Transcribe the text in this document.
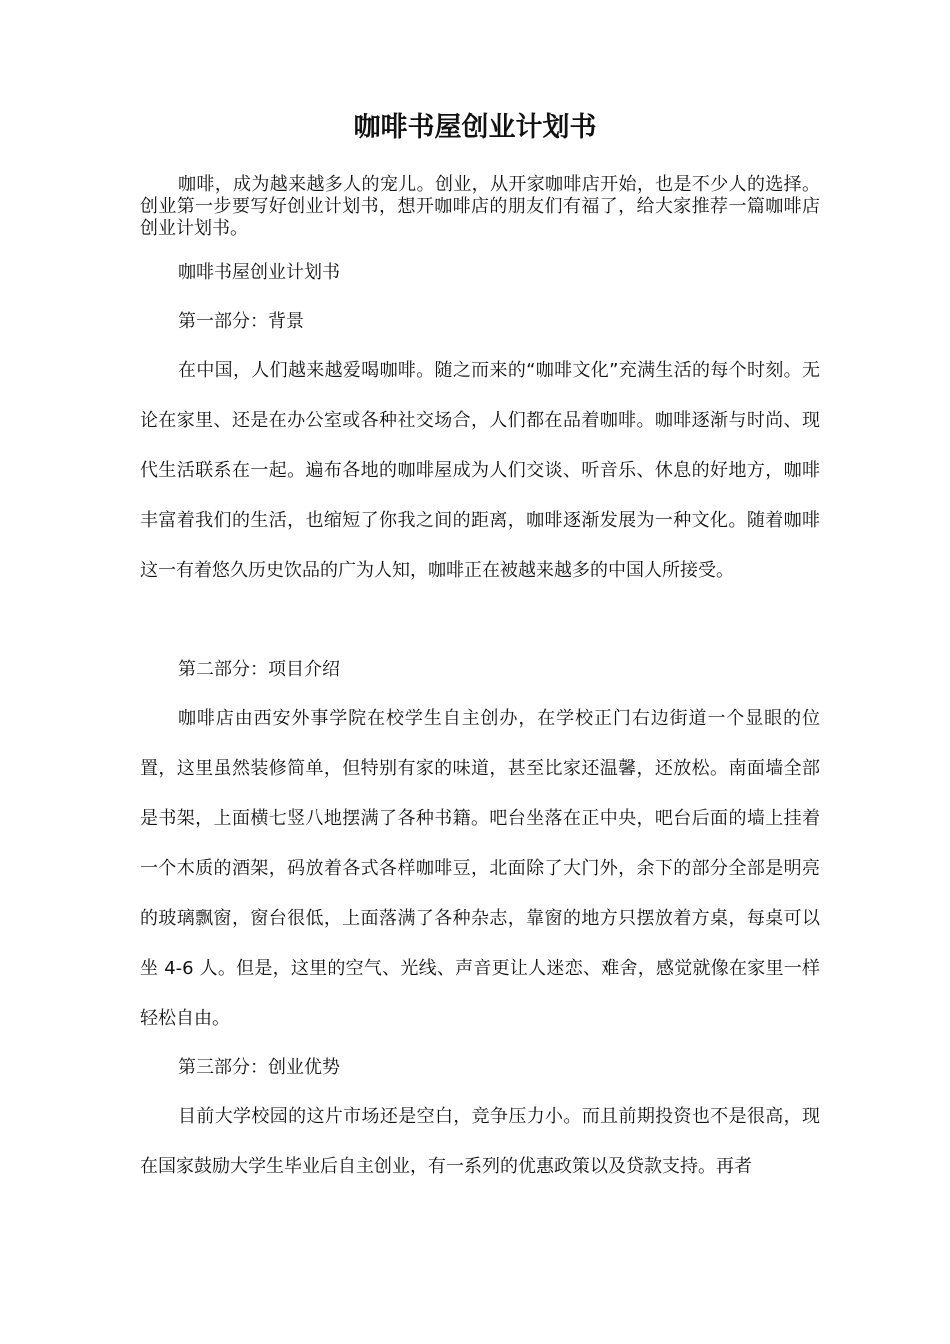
咖啡书屋创业计划书
咖啡，成为越来越多人的宠儿。创业，从开家咖啡店开始，也是不少人的选择。创业第一步要写好创业计划书，想开咖啡店的朋友们有福了，给大家推荐一篇咖啡店创业计划书。
咖啡书屋创业计划书
第一部分：背景

在中国，人们越来越爱喝咖啡。随之而来的“咖啡文化”充满生活的每个时刻。无论在家里、还是在办公室或各种社交场合，人们都在品着咖啡。咖啡逐渐与时尚、现代生活联系在一起。遍布各地的咖啡屋成为人们交谈、听音乐、休息的好地方，咖啡丰富着我们的生活，也缩短了你我之间的距离，咖啡逐渐发展为一种文化。随着咖啡这一有着悠久历史饮品的广为人知，咖啡正在被越来越多的中国人所接受。

第二部分：项目介绍

咖啡店由西安外事学院在校学生自主创办，在学校正门右边街道一个显眼的位置，这里虽然装修简单，但特别有家的味道，甚至比家还温馨，还放松。南面墙全部是书架，上面横七竖八地摆满了各种书籍。吧台坐落在正中央，吧台后面的墙上挂着一个木质的酒架，码放着各式各样咖啡豆，北面除了大门外，余下的部分全部是明亮的玻璃飘窗，窗台很低，上面落满了各种杂志，靠窗的地方只摆放着方桌，每桌可以坐 4-6 人。但是，这里的空气、光线、声音更让人迷恋、难舍，感觉就像在家里一样轻松自由。

第三部分：创业优势

目前大学校园的这片市场还是空白，竞争压力小。而且前期投资也不是很高，现在国家鼓励大学生毕业后自主创业，有一系列的优惠政策以及贷款支持。再者
